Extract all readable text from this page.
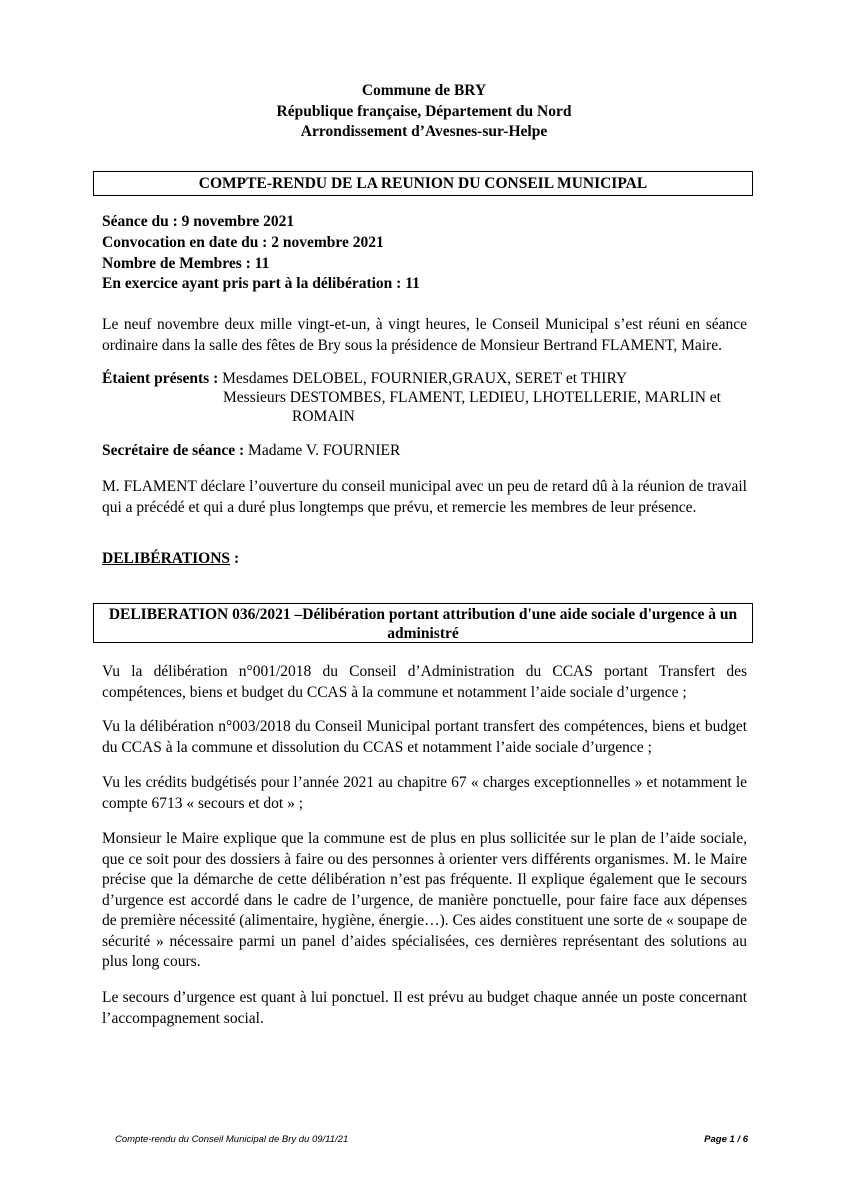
Commune de BRY
République française, Département du Nord
Arrondissement d’Avesnes-sur-Helpe
COMPTE-RENDU DE LA REUNION DU CONSEIL MUNICIPAL
Séance du : 9 novembre 2021
Convocation en date du : 2 novembre 2021
Nombre de Membres : 11
En exercice ayant pris part à la délibération : 11
Le neuf novembre deux mille vingt-et-un, à vingt heures, le Conseil Municipal s’est réuni en séance ordinaire dans la salle des fêtes de Bry sous la présidence de Monsieur Bertrand FLAMENT, Maire.
Étaient présents : Mesdames DELOBEL, FOURNIER,GRAUX, SERET et THIRY
Messieurs DESTOMBES, FLAMENT, LEDIEU, LHOTELLERIE, MARLIN et
ROMAIN
Secrétaire de séance : Madame V. FOURNIER
M. FLAMENT déclare l’ouverture du conseil municipal avec un peu de retard dû à la réunion de travail qui a précédé et qui a duré plus longtemps que prévu, et remercie les membres de leur présence.
DELIBÉRATIONS :
DELIBERATION 036/2021 –Délibération portant attribution d'une aide sociale d'urgence à un administré
Vu la délibération n°001/2018 du Conseil d’Administration du CCAS portant Transfert des compétences, biens et budget du CCAS à la commune et notamment l’aide sociale d’urgence ;
Vu la délibération n°003/2018 du Conseil Municipal portant transfert des compétences, biens et budget du CCAS à la commune et dissolution du CCAS et notamment l’aide sociale d’urgence ;
Vu les crédits budgétisés pour l’année 2021 au chapitre 67 « charges exceptionnelles » et notamment le compte 6713 « secours et dot » ;
Monsieur le Maire explique que la commune est de plus en plus sollicitée sur le plan de l’aide sociale, que ce soit pour des dossiers à faire ou des personnes à orienter vers différents organismes. M. le Maire précise que la démarche de cette délibération n’est pas fréquente. Il explique également que le secours d’urgence est accordé dans le cadre de l’urgence, de manière ponctuelle, pour faire face aux dépenses de première nécessité (alimentaire, hygiène, énergie…). Ces aides constituent une sorte de « soupape de sécurité » nécessaire parmi un panel d’aides spécialisées, ces dernières représentant des solutions au plus long cours.
Le secours d’urgence est quant à lui ponctuel. Il est prévu au budget chaque année un poste concernant l’accompagnement social.
Compte-rendu du Conseil Municipal de Bry du 09/11/21	Page 1 / 6
